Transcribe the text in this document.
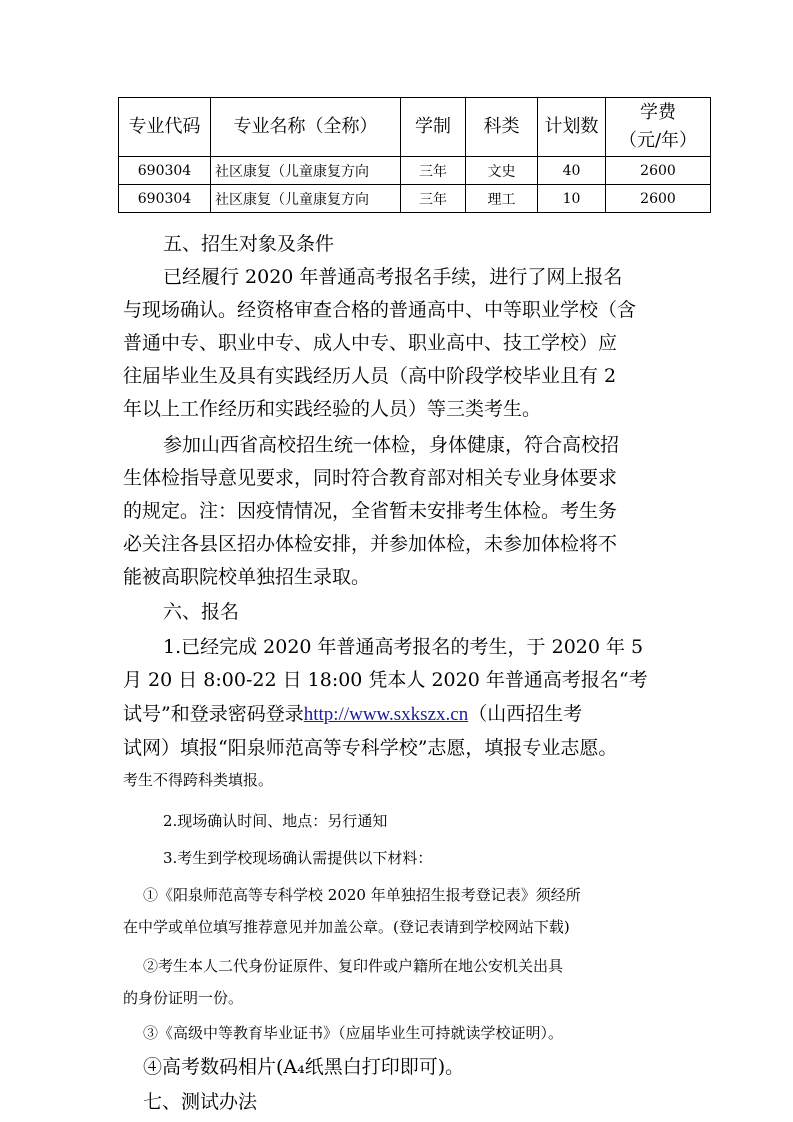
专业代码	专业名称（全称）	学制	科类	计划数	学费
（元/年）

690304	社区康复（儿童康复方向	三年	文史	40	2600
690304	社区康复（儿童康复方向	三年	理工	10	2600
五、招生对象及条件
已经履行 2020 年普通高考报名手续，进行了网上报名
与现场确认。经资格审查合格的普通高中、中等职业学校（含
普通中专、职业中专、成人中专、职业高中、技工学校）应
往届毕业生及具有实践经历人员（高中阶段学校毕业且有 2
年以上工作经历和实践经验的人员）等三类考生。
参加山西省高校招生统一体检，身体健康，符合高校招
生体检指导意见要求，同时符合教育部对相关专业身体要求
的规定。注：因疫情情况，全省暂未安排考生体检。考生务
必关注各县区招办体检安排，并参加体检，未参加体检将不
能被高职院校单独招生录取。
六、报名
1.已经完成 2020 年普通高考报名的考生，于 2020 年 5
月 20 日 8:00-22 日 18:00 凭本人 2020 年普通高考报名“考
试号”和登录密码登录http://www.sxkszx.cn（山西招生考
试网）填报“阳泉师范高等专科学校”志愿，填报专业志愿。
考生不得跨科类填报。
2.现场确认时间、地点：另行通知
3.考生到学校现场确认需提供以下材料：
①《阳泉师范高等专科学校 2020 年单独招生报考登记表》须经所
在中学或单位填写推荐意见并加盖公章。(登记表请到学校网站下载)
②考生本人二代身份证原件、复印件或户籍所在地公安机关出具
的身份证明一份。
③《高级中等教育毕业证书》（应届毕业生可持就读学校证明）。
④高考数码相片(A₄纸黑白打印即可)。
七、测试办法
